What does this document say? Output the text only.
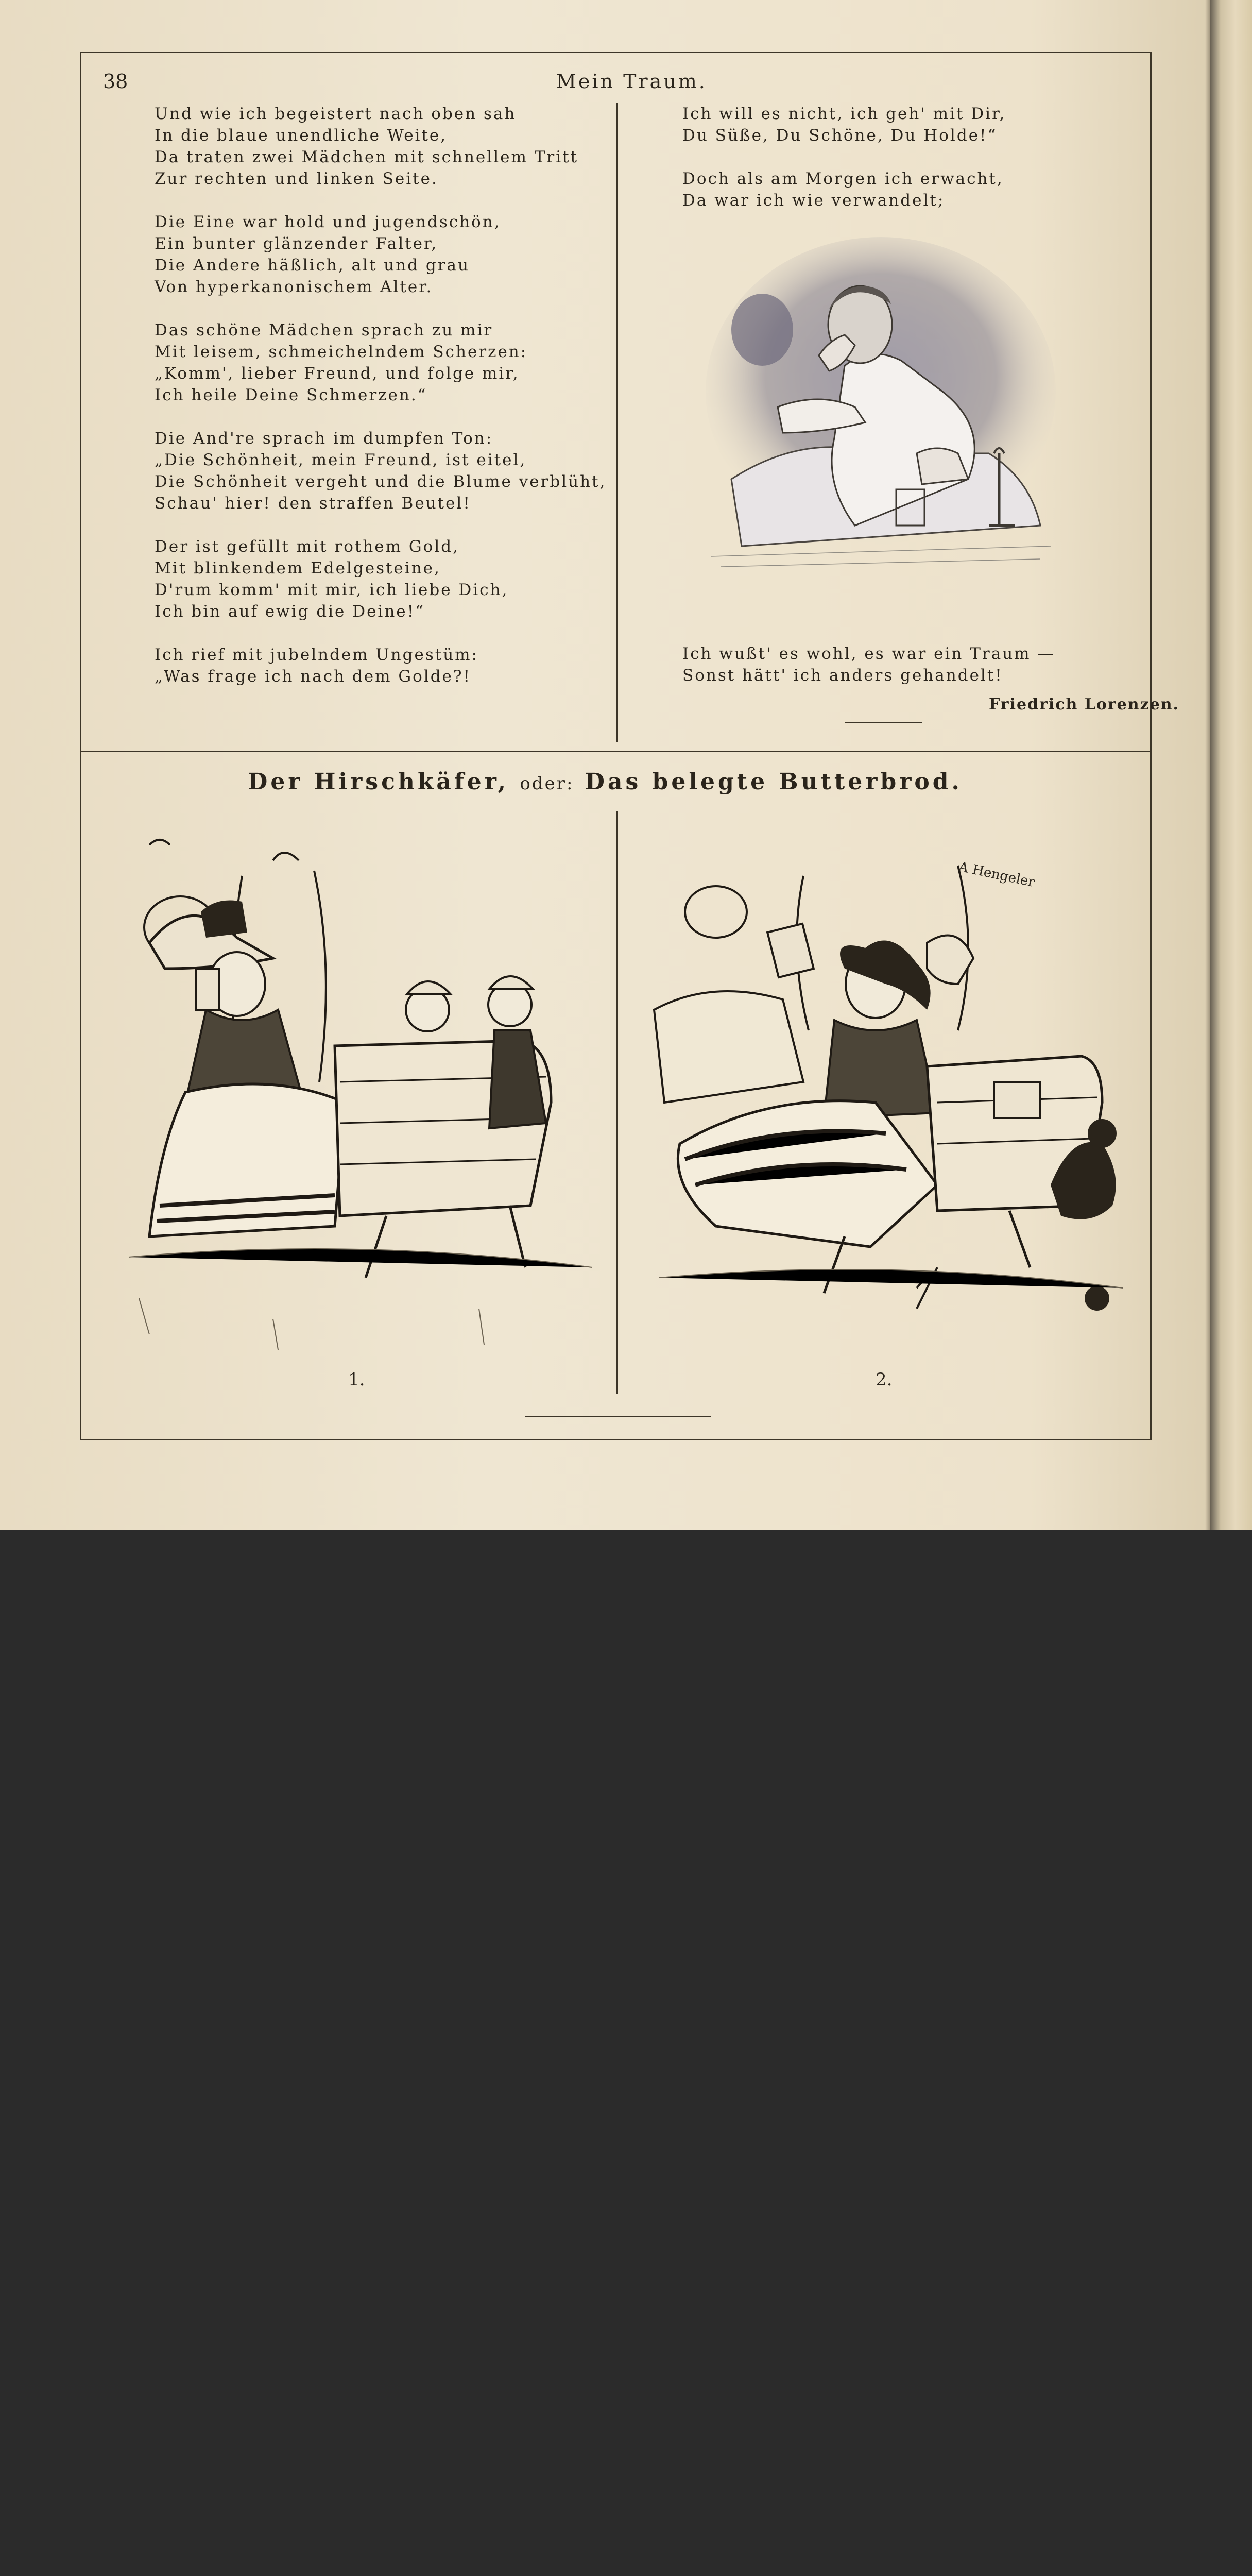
38	Mein Traum.
Und wie ich begeistert nach oben sah
In die blaue unendliche Weite,
Da traten zwei Mädchen mit schnellem Tritt
Zur rechten und linken Seite.
Die Eine war hold und jugendschön,
Ein bunter glänzender Falter,
Die Andere häßlich, alt und grau
Von hyperkanonischem Alter.
Das schöne Mädchen sprach zu mir
Mit leisem, schmeichelndem Scherzen:
„Komm', lieber Freund, und folge mir,
Ich heile Deine Schmerzen.“
Die And're sprach im dumpfen Ton:
„Die Schönheit, mein Freund, ist eitel,
Die Schönheit vergeht und die Blume verblüht,
Schau' hier! den straffen Beutel!
Der ist gefüllt mit rothem Gold,
Mit blinkendem Edelgesteine,
D'rum komm' mit mir, ich liebe Dich,
Ich bin auf ewig die Deine!“
Ich rief mit jubelndem Ungestüm:
„Was frage ich nach dem Golde?!
Ich will es nicht, ich geh' mit Dir,
Du Süße, Du Schöne, Du Holde!“
Doch als am Morgen ich erwacht,
Da war ich wie verwandelt;
Ich wußt' es wohl, es war ein Traum —
Sonst hätt' ich anders gehandelt!
Friedrich Lorenzen.
Der Hirschkäfer, oder: Das belegte Butterbrod.
A Hengeler
1.	2.
